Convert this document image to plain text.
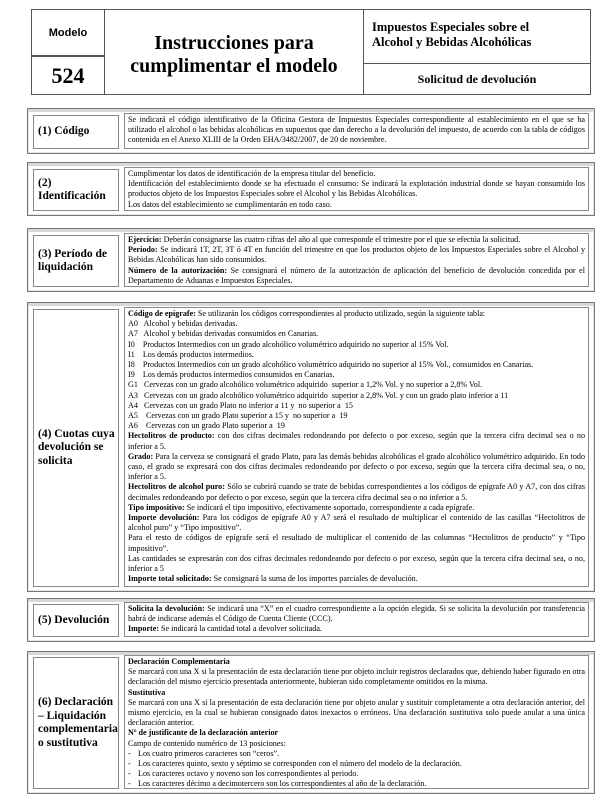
Modelo
524
Instrucciones para
cumplimentar el modelo
Impuestos Especiales sobre el
Alcohol y Bebidas Alcohólicas
Solicitud de devolución
(1) Código

Se indicará el código identificativo de la Oficina Gestora de Impuestos Especiales correspondiente al establecimiento en el que se ha utilizado el alcohol o las bebidas alcohólicas en supuestos que dan derecho a la devolución del impuesto, de acuerdo con la tabla de códigos contenida en el Anexo XLIII de la Orden EHA/3482/2007, de 20 de noviembre.

(2) Identificación

Cumplimentar los datos de identificación de la empresa titular del beneficio.

Identificación del establecimiento donde se ha efectuado el consumo: Se indicará la explotación industrial donde se hayan consumido los productos objeto de los Impuestos Especiales sobre el Alcohol y las Bebidas Alcohólicas.

Los datos del establecimiento se cumplimentarán en todo caso.

(3) Período de liquidación

Ejercicio: Deberán consignarse las cuatro cifras del año al que corresponde el trimestre por el que se efectúa la solicitud.

Periodo: Se indicará 1T, 2T, 3T ó 4T en función del trimestre en que los productos objeto de los Impuestos Especiales sobre el Alcohol y Bebidas Alcohólicas han sido consumidos.

Número de la autorización: Se consignará el número de la autorización de aplicación del beneficio de devolución concedida por el Departamento de Aduanas e Impuestos Especiales.

(4) Cuotas cuya devolución se solicita

Código de epígrafe: Se utilizarán los códigos correspondientes al producto utilizado, según la siguiente tabla:

A0   Alcohol y bebidas derivadas.

A7   Alcohol y bebidas derivadas consumidos en Canarias.

I0    Productos Intermedios con un grado alcohólico volumétrico adquirido no superior al 15% Vol.

I1    Los demás productos intermedios.

I8    Productos Intermedios con un grado alcohólico volumétrico adquirido no superior al 15% Vol., consumidos en Canarias.

I9    Los demás productos intermedios consumidos en Canarias.

G1   Cervezas con un grado alcohólico volumétrico adquirido  superior a 1,2% Vol. y no superior a 2,8% Vol.

A3   Cervezas con un grado alcohólico volumétrico adquirido  superior a 2,8% Vol. y con un grado plato inferior a 11

A4   Cervezas con un grado Plato no inferior a 11 y  no superior a  15

A5    Cervezas con un grado Plato superior a 15 y  no superior a  19

A6    Cervezas con un grado Plato superior a  19

Hectolitros de producto: con dos cifras decimales redondeando por defecto o por exceso, según que la tercera cifra decimal sea o no inferior a 5.

Grado: Para la cerveza se consignará el grado Plato, para las demás bebidas alcohólicas el grado alcohólico volumétrico adquirido. En todo caso, el grado se expresará con dos cifras decimales redondeando por defecto o por exceso, según que la tercera cifra decimal sea, o no, inferior a 5.

Hectolitros de alcohol puro: Sólo se cubrirá cuando se trate de bebidas correspondientes a los códigos de epígrafe A0 y A7, con dos cifras decimales redondeando por defecto o por exceso, según que la tercera cifra decimal sea o no inferior a 5.

Tipo impositivo: Se indicará el tipo impositivo, efectivamente soportado, correspondiente a cada epígrafe.

Importe devolución: Para los códigos de epígrafe A0 y A7 será el resultado de multiplicar el contenido de las casillas “Hectolitros de alcohol puro” y “Tipo impositivo”.

Para el resto de códigos de epígrafe será el resultado de multiplicar el contenido de las columnas “Hectolitros de producto” y “Tipo impositivo”.

Las cantidades se expresarán con dos cifras decimales redondeando por defecto o por exceso, según que la tercera cifra decimal sea, o no, inferior a 5

Importe total solicitado: Se consignará la suma de los importes parciales de devolución.

(5) Devolución

Solicita la devolución: Se indicará una “X” en el cuadro correspondiente a la opción elegida. Si se solicita la devolución por transferencia habrá de indicarse además el Código de Cuenta Cliente (CCC).

Importe: Se indicará la cantidad total a devolver solicitada.

(6) Declaración – Liquidación complementaria o sustitutiva

Declaración Complementaria

Se marcará con una X si la presentación de esta declaración tiene por objeto incluir registros declarados que, debiendo haber figurado en otra declaración del mismo ejercicio presentada anteriormente, hubieran sido completamente omitidos en la misma.

Sustitutiva

Se marcará con una X si la presentación de esta declaración tiene por objeto anular y sustituir completamente a otra declaración anterior, del mismo ejercicio, en la cual se hubieran consignado datos inexactos o erróneos. Una declaración sustitutiva solo puede anular a una única declaración anterior.

Nº de justificante de la declaración anterior

Campo de contenido numérico de 13 posiciones:

- Los cuatro primeros caracteres son “ceros”.
- Los caracteres quinto, sexto y séptimo se corresponden con el número del modelo de la declaración.
- Los caracteres octavo y noveno son los correspondientes al periodo.
- Los caracteres décimo a decimotercero son los correspondientes al año de la declaración.
